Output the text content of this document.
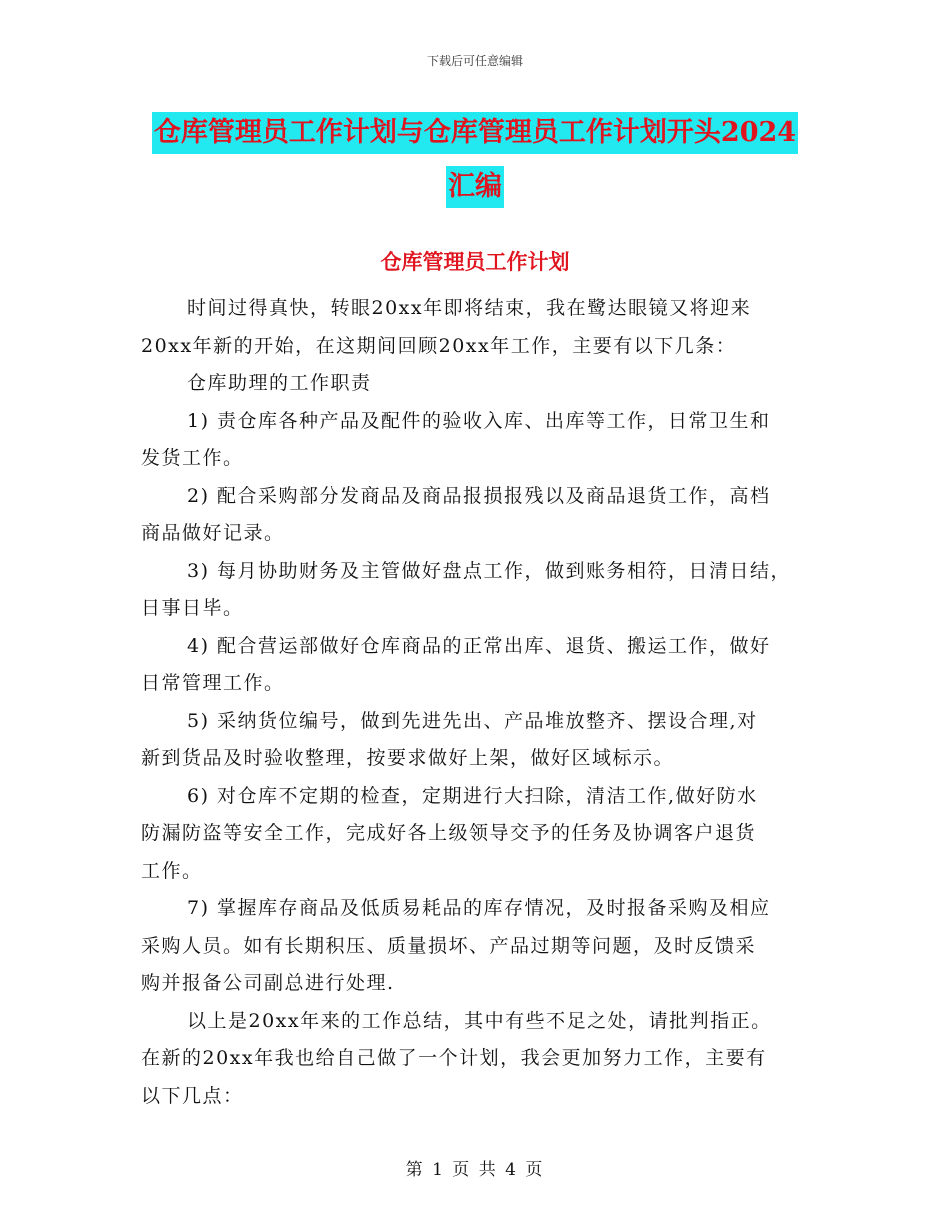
下载后可任意编辑
仓库管理员工作计划与仓库管理员工作计划开头2024
汇编
仓库管理员工作计划
时间过得真快，转眼20xx年即将结束，我在鹭达眼镜又将迎来
20xx年新的开始，在这期间回顾20xx年工作，主要有以下几条：
仓库助理的工作职责
1) 责仓库各种产品及配件的验收入库、出库等工作，日常卫生和
发货工作。
2) 配合采购部分发商品及商品报损报残以及商品退货工作，高档
商品做好记录。
3) 每月协助财务及主管做好盘点工作，做到账务相符，日清日结，
日事日毕。
4) 配合营运部做好仓库商品的正常出库、退货、搬运工作，做好
日常管理工作。
5) 采纳货位编号，做到先进先出、产品堆放整齐、摆设合理,对
新到货品及时验收整理，按要求做好上架，做好区域标示。
6) 对仓库不定期的检查，定期进行大扫除，清洁工作,做好防水
防漏防盗等安全工作，完成好各上级领导交予的任务及协调客户退货
工作。
7) 掌握库存商品及低质易耗品的库存情况，及时报备采购及相应
采购人员。如有长期积压、质量损坏、产品过期等问题，及时反馈采
购并报备公司副总进行处理.
以上是20xx年来的工作总结，其中有些不足之处，请批判指正。
在新的20xx年我也给自己做了一个计划，我会更加努力工作，主要有
以下几点：
第 1 页 共 4 页
